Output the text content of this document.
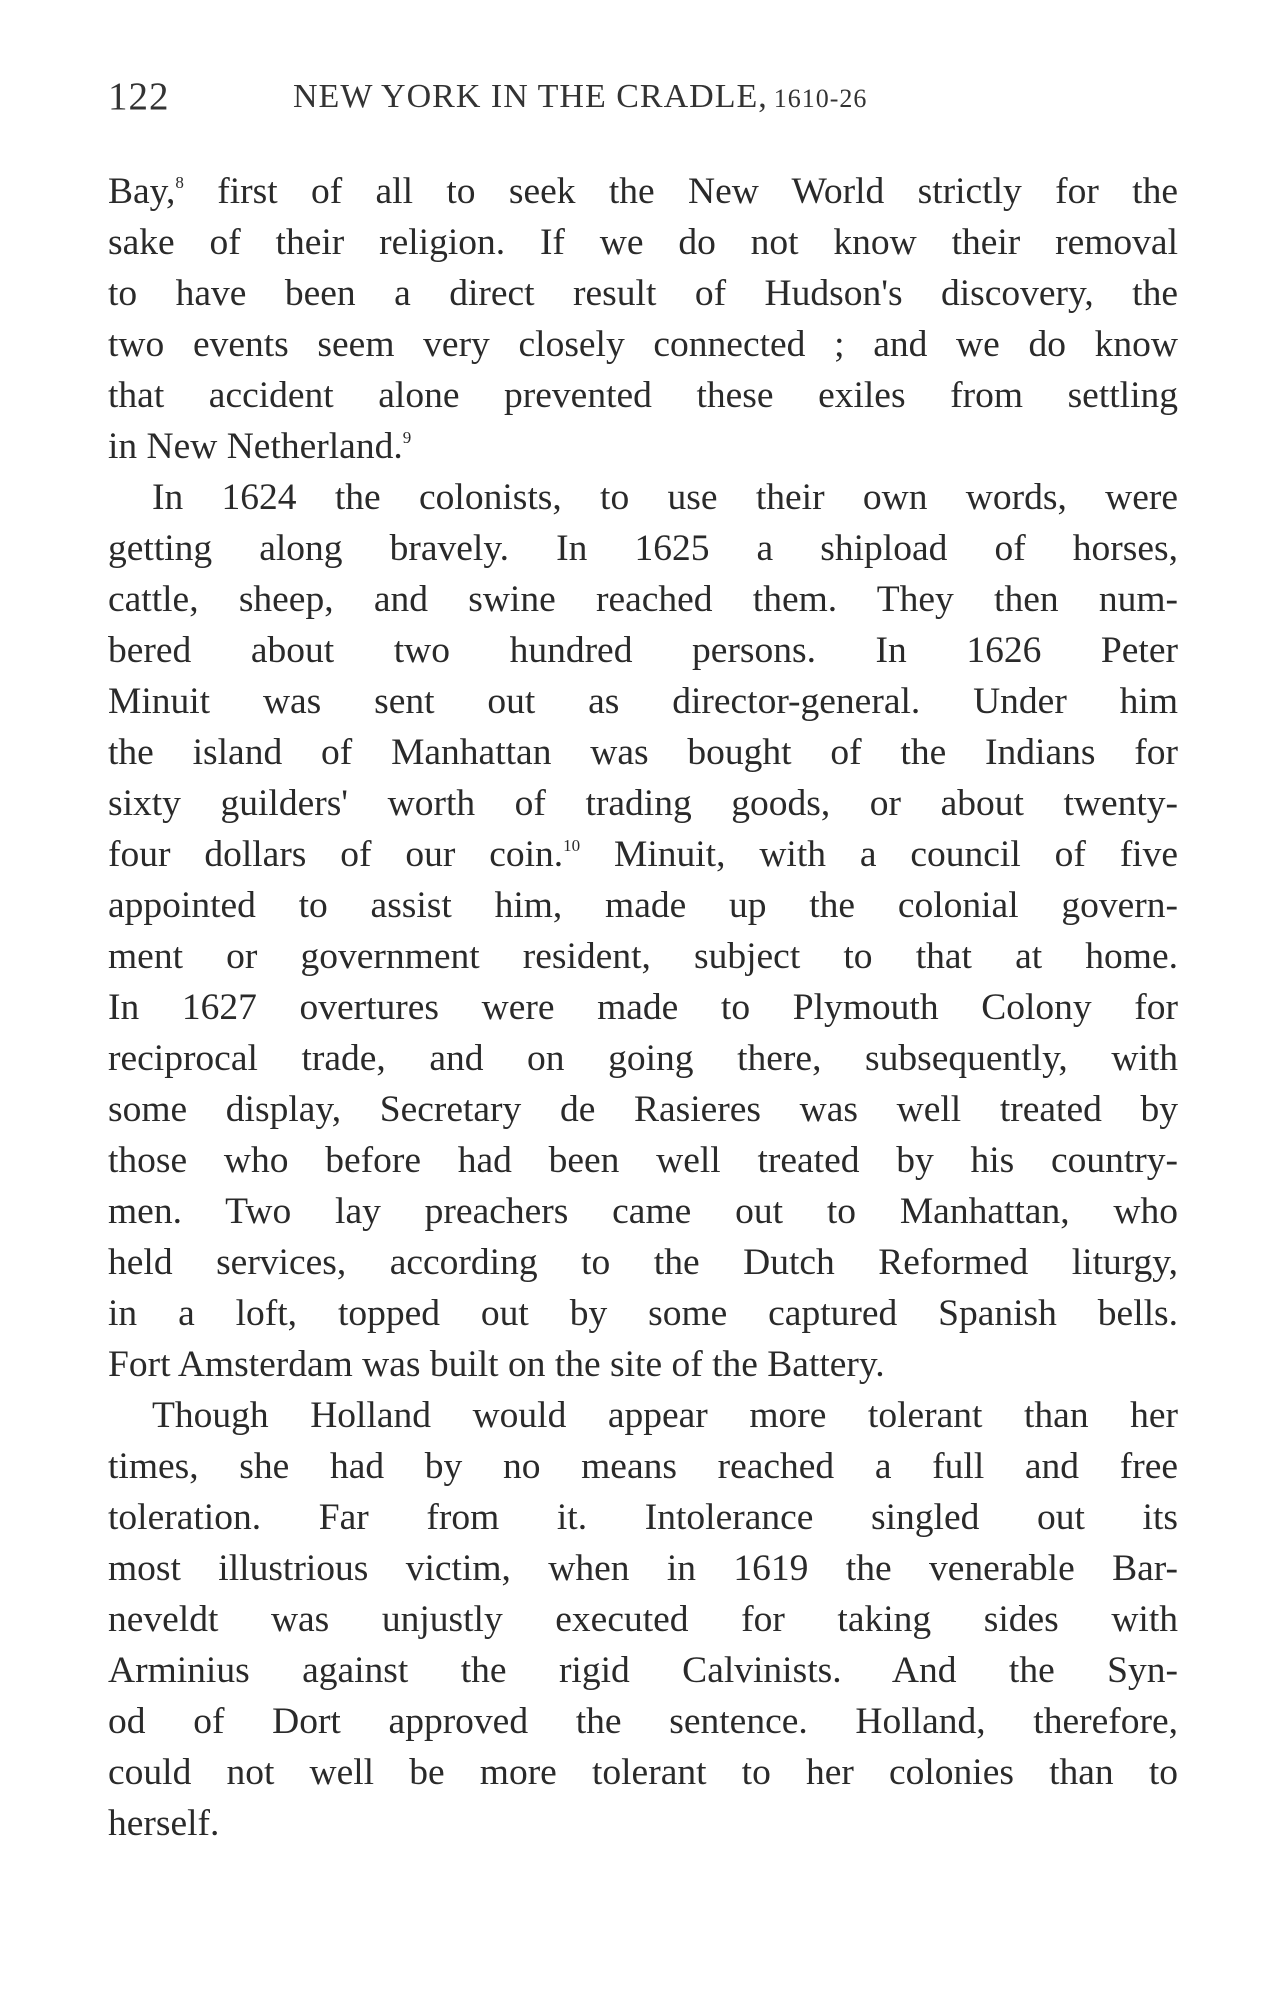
122	NEW YORK IN THE CRADLE, 1610-26
Bay,$^8$ first of all to seek the New World strictly for the
sake of their religion. If we do not know their removal
to have been a direct result of Hudson's discovery, the
two events seem very closely connected ; and we do know
that accident alone prevented these exiles from settling
in New Netherland.$^9$
In 1624 the colonists, to use their own words, were
getting along bravely. In 1625 a shipload of horses,
cattle, sheep, and swine reached them. They then num-
bered about two hundred persons. In 1626 Peter
Minuit was sent out as director-general. Under him
the island of Manhattan was bought of the Indians for
sixty guilders' worth of trading goods, or about twenty-
four dollars of our coin.$^{10}$ Minuit, with a council of five
appointed to assist him, made up the colonial govern-
ment or government resident, subject to that at home.
In 1627 overtures were made to Plymouth Colony for
reciprocal trade, and on going there, subsequently, with
some display, Secretary de Rasieres was well treated by
those who before had been well treated by his country-
men. Two lay preachers came out to Manhattan, who
held services, according to the Dutch Reformed liturgy,
in a loft, topped out by some captured Spanish bells.
Fort Amsterdam was built on the site of the Battery.
Though Holland would appear more tolerant than her
times, she had by no means reached a full and free
toleration. Far from it. Intolerance singled out its
most illustrious victim, when in 1619 the venerable Bar-
neveldt was unjustly executed for taking sides with
Arminius against the rigid Calvinists. And the Syn-
od of Dort approved the sentence. Holland, therefore,
could not well be more tolerant to her colonies than to
herself.
